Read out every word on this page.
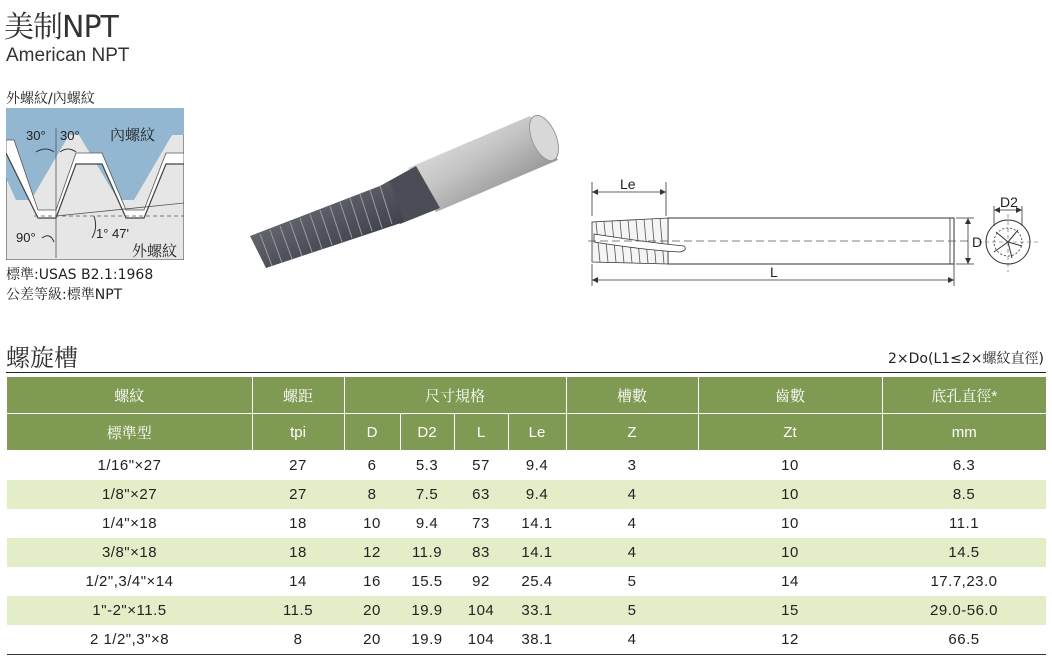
美制NPT
American NPT
外螺紋/內螺紋
30° 30° 內螺紋
90°	1° 47'
外螺紋
標準:USAS B2.1:1968
公差等級:標準NPT
Le
L
D
D2
螺旋槽	2×Do(L1≤2×螺紋直徑)
螺紋	螺距	尺寸規格				槽數	齒數	底孔直徑*
標準型	tpi	D	D2	L	Le	Z	Zt	mm
1/16"×27	27	6	5.3	57	9.4	3	10	6.3
1/8"×27	27	8	7.5	63	9.4	4	10	8.5
1/4"×18	18	10	9.4	73	14.1	4	10	11.1
3/8"×18	18	12	11.9	83	14.1	4	10	14.5
1/2",3/4"×14	14	16	15.5	92	25.4	5	14	17.7,23.0
1"-2"×11.5	11.5	20	19.9	104	33.1	5	15	29.0-56.0
2 1/2",3"×8	8	20	19.9	104	38.1	4	12	66.5
